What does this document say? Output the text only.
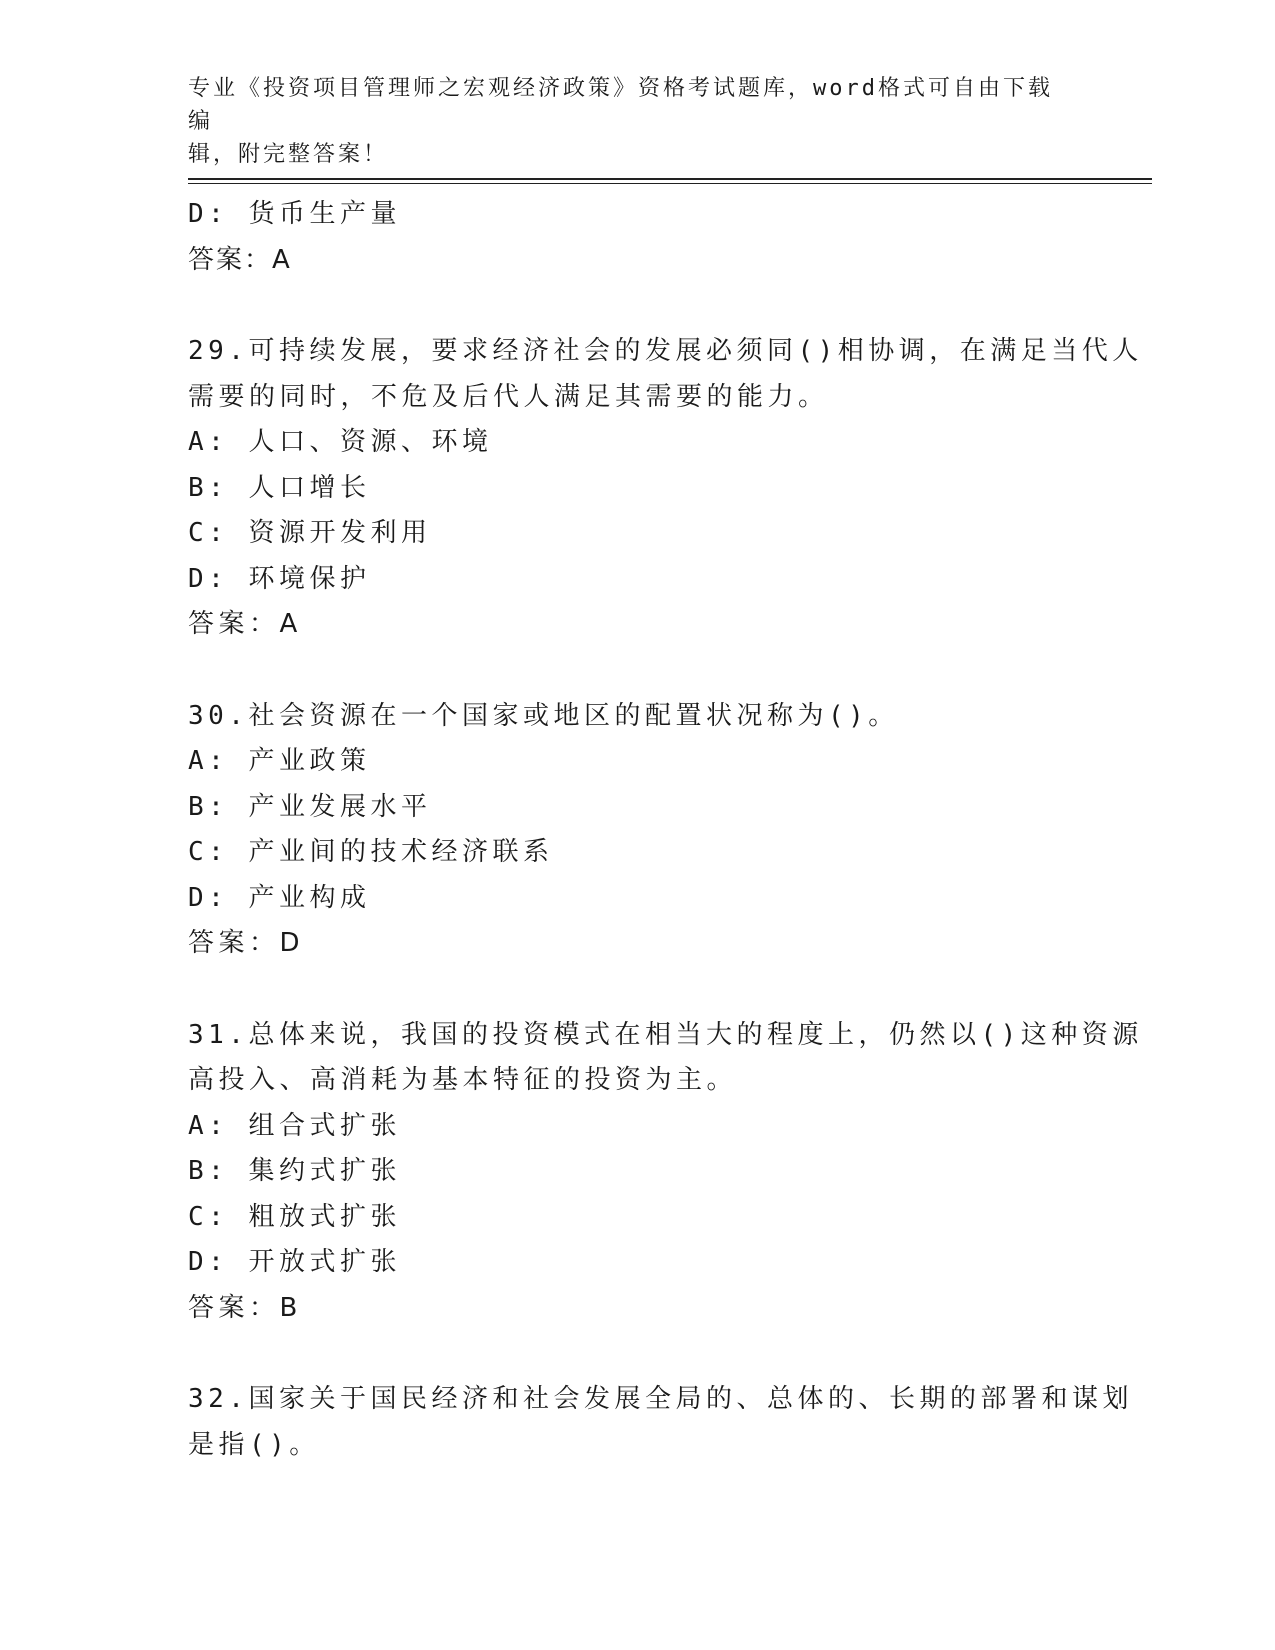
专业《投资项目管理师之宏观经济政策》资格考试题库，word格式可自由下载编
辑，附完整答案！
D: 货币生产量
答案：A
29.可持续发展，要求经济社会的发展必须同()相协调，在满足当代人
需要的同时，不危及后代人满足其需要的能力。
A: 人口、资源、环境
B: 人口增长
C: 资源开发利用
D: 环境保护
答案：A
30.社会资源在一个国家或地区的配置状况称为()。
A: 产业政策
B: 产业发展水平
C: 产业间的技术经济联系
D: 产业构成
答案：D
31.总体来说，我国的投资模式在相当大的程度上，仍然以()这种资源
高投入、高消耗为基本特征的投资为主。
A: 组合式扩张
B: 集约式扩张
C: 粗放式扩张
D: 开放式扩张
答案：B
32.国家关于国民经济和社会发展全局的、总体的、长期的部署和谋划
是指()。
